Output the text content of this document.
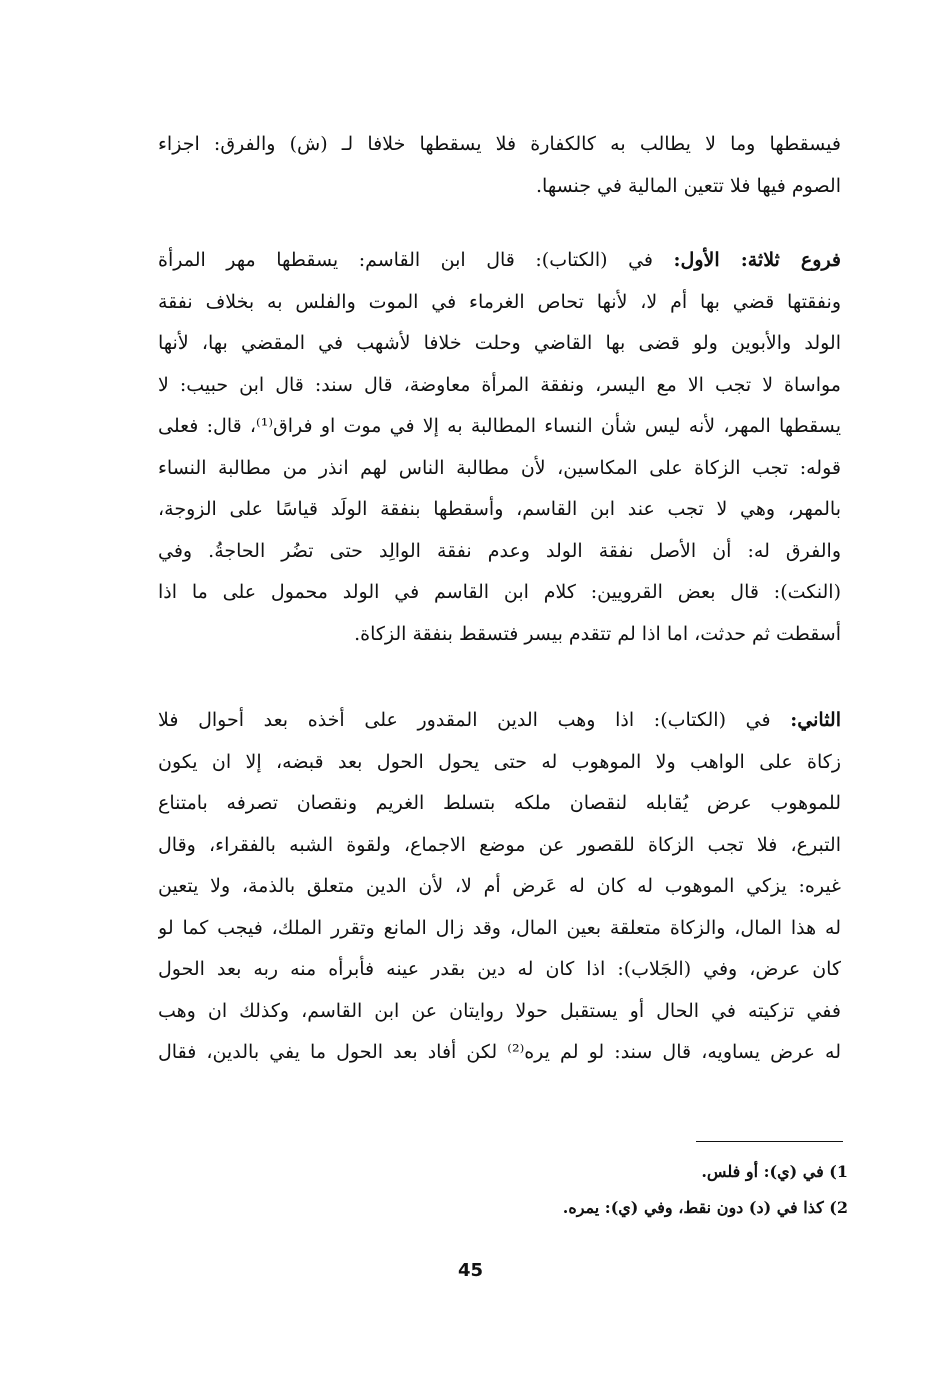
فيسقطها وما لا يطالب به كالكفارة فلا يسقطها خلافا لـ (ش) والفرق: اجزاء
الصوم فيها فلا تتعين المالية في جنسها.
فروع ثلاثة: الأول: في (الكتاب): قال ابن القاسم: يسقطها مهر المرأة
ونفقتها قضي بها أم لا، لأنها تحاص الغرماء في الموت والفلس به بخلاف نفقة
الولد والأبوين ولو قضى بها القاضي وحلت خلافا لأشهب في المقضي بها، لأنها
مواساة لا تجب الا مع اليسر، ونفقة المرأة معاوضة، قال سند: قال ابن حبيب: لا
يسقطها المهر، لأنه ليس شأن النساء المطالبة به إلا في موت او فراق⁽¹⁾، قال: فعلى
قوله: تجب الزكاة على المكاسين، لأن مطالبة الناس لهم انذر من مطالبة النساء
بالمهر، وهي لا تجب عند ابن القاسم، وأسقطها بنفقة الولَد قياسًا على الزوجة،
والفرق له: أن الأصل نفقة الولد وعدم نفقة الوالِد حتى تضُر الحاجةُ. وفي
(النكت): قال بعض القرويين: كلام ابن القاسم في الولد محمول على ما اذا
أسقطت ثم حدثت، اما اذا لم تتقدم بيسر فتسقط بنفقة الزكاة.
الثاني: في (الكتاب): اذا وهب الدين المقدور على أخذه بعد أحوال فلا
زكاة على الواهب ولا الموهوب له حتى يحول الحول بعد قبضه، إلا ان يكون
للموهوب عرض يُقابله لنقصان ملكه بتسلط الغريم ونقصان تصرفه بامتناع
التبرع، فلا تجب الزكاة للقصور عن موضع الاجماع، ولقوة الشبه بالفقراء، وقال
غيره: يزكي الموهوب له كان له عَرض أم لا، لأن الدين متعلق بالذمة، ولا يتعين
له هذا المال، والزكاة متعلقة بعين المال، وقد زال المانع وتقرر الملك، فيجب كما لو
كان عرض، وفي (الجَلاب): اذا كان له دين بقدر عينه فأبرأه منه ربه بعد الحول
ففي تزكيته في الحال أو يستقبل حولا روايتان عن ابن القاسم، وكذلك ان وهب
له عرض يساويه، قال سند: لو لم يره⁽²⁾ لكن أفاد بعد الحول ما يفي بالدين، فقال
1) في (ي): أو فلس.
2) كذا في (د) دون نقط، وفي (ي): يمره.
45
